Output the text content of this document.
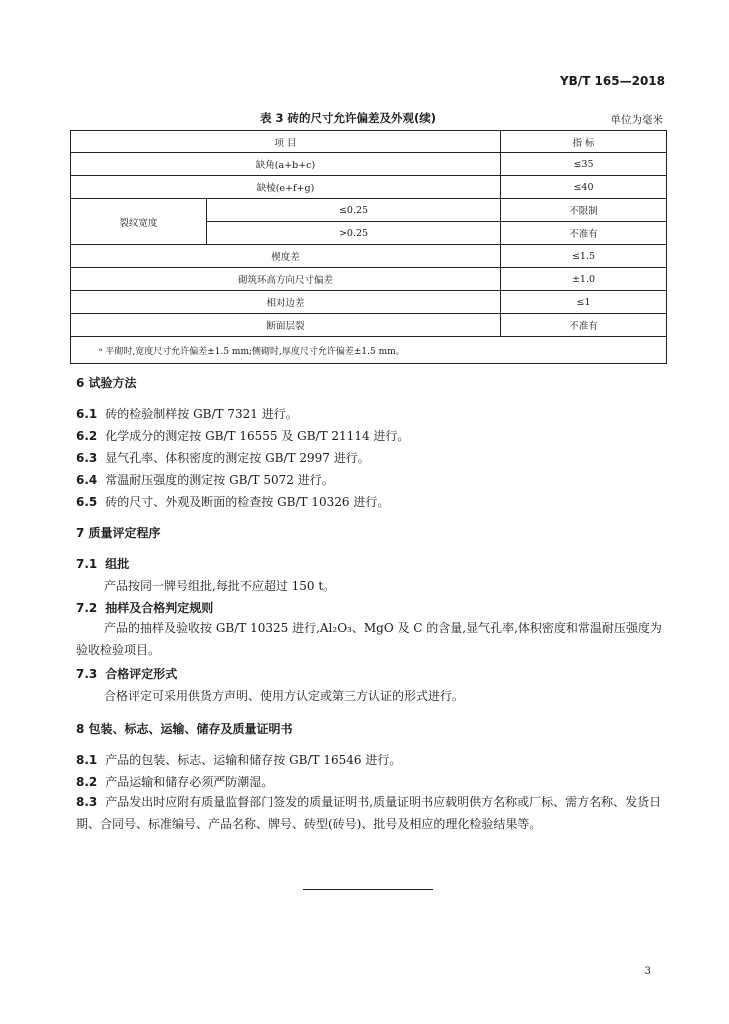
YB/T 165—2018
表 3 砖的尺寸允许偏差及外观(续)	单位为毫米
项 目		指 标
缺角(a+b+c)		≤35
缺棱(e+f+g)		≤40
裂纹宽度	≤0.25	不限制
	>0.25	不准有
楔度差		≤1.5
砌筑环高方向尺寸偏差		±1.0
相对边差		≤1
断面层裂		不准有
ᵃ 平砌时,宽度尺寸允许偏差±1.5 mm;侧砌时,厚度尺寸允许偏差±1.5 mm。		
6 试验方法
6.1 砖的检验制样按 GB/T 7321 进行。
6.2 化学成分的测定按 GB/T 16555 及 GB/T 21114 进行。
6.3 显气孔率、体积密度的测定按 GB/T 2997 进行。
6.4 常温耐压强度的测定按 GB/T 5072 进行。
6.5 砖的尺寸、外观及断面的检查按 GB/T 10326 进行。
7 质量评定程序
7.1 组批
产品按同一牌号组批,每批不应超过 150 t。
7.2 抽样及合格判定规则
产品的抽样及验收按 GB/T 10325 进行,Al₂O₃、MgO 及 C 的含量,显气孔率,体积密度和常温耐压强度为验收检验项目。
7.3 合格评定形式
合格评定可采用供货方声明、使用方认定或第三方认证的形式进行。
8 包装、标志、运输、储存及质量证明书
8.1 产品的包装、标志、运输和储存按 GB/T 16546 进行。
8.2 产品运输和储存必须严防潮湿。
8.3 产品发出时应附有质量监督部门签发的质量证明书,质量证明书应载明供方名称或厂标、需方名称、发货日期、合同号、标准编号、产品名称、牌号、砖型(砖号)、批号及相应的理化检验结果等。
3
